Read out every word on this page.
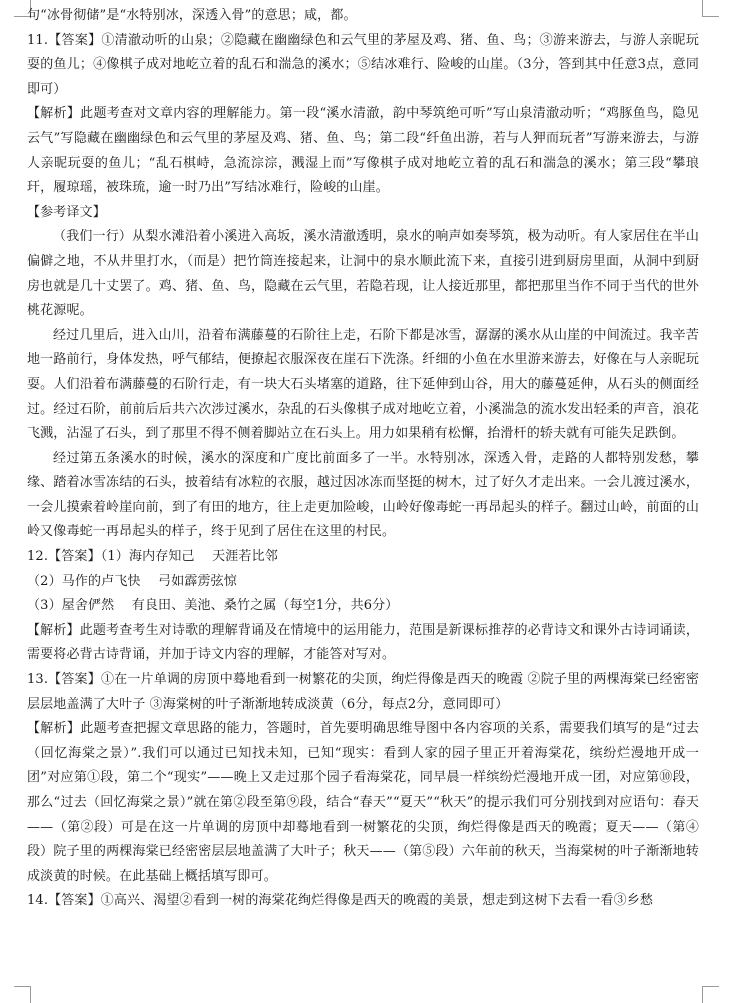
句“冰骨彻储”是“水特别冰，深透入骨”的意思；咸，都。

11.【答案】①清澈动听的山泉；②隐藏在幽幽绿色和云气里的茅屋及鸡、猪、鱼、鸟；③游来游去，与游人亲昵玩耍的鱼儿；④像棋子成对地屹立着的乱石和湍急的溪水；⑤结冰难行、险峻的山崖。（3分，答到其中任意3点，意同即可）

【解析】此题考查对文章内容的理解能力。第一段“溪水清澈，韵中琴筑绝可听”写山泉清澈动听；“鸡豚鱼鸟，隐见云气”写隐藏在幽幽绿色和云气里的茅屋及鸡、猪、鱼、鸟；第二段“纤鱼出游，若与人狎而玩者”写游来游去，与游人亲昵玩耍的鱼儿；“乱石棋峙，急流淙淙，溅湿上而”写像棋子成对地屹立着的乱石和湍急的溪水；第三段“攀琅玕，履琼瑶，被珠琉，逾一时乃出”写结冰难行，险峻的山崖。

【参考译文】

（我们一行）从梨水滩沿着小溪进入高坂，溪水清澈透明，泉水的响声如奏琴筑，极为动听。有人家居住在半山偏僻之地，不从井里打水，（而是）把竹筒连接起来，让洞中的泉水顺此流下来，直接引进到厨房里面，从洞中到厨房也就是几十丈罢了。鸡、猪、鱼、鸟，隐藏在云气里，若隐若现，让人接近那里，都把那里当作不同于当代的世外桃花源呢。

经过几里后，进入山川，沿着布满藤蔓的石阶往上走，石阶下都是冰雪，潺潺的溪水从山崖的中间流过。我辛苦地一路前行，身体发热，呼气郁结，便撩起衣服深夜在崖石下洗涤。纤细的小鱼在水里游来游去，好像在与人亲昵玩耍。人们沿着布满藤蔓的石阶行走，有一块大石头堵塞的道路，往下延伸到山谷，用大的藤蔓延伸，从石头的侧面经过。经过石阶，前前后后共六次涉过溪水，杂乱的石头像棋子成对地屹立着，小溪湍急的流水发出轻柔的声音，浪花飞溅，沾湿了石头，到了那里不得不侧着脚站立在石头上。用力如果稍有松懈，抬滑杆的轿夫就有可能失足跌倒。

经过第五条溪水的时候，溪水的深度和广度比前面多了一半。水特别冰，深透入骨，走路的人都特别发愁，攀缘、踏着冰雪冻结的石头，披着结有冰粒的衣服，越过因冰冻而坚挺的树木，过了好久才走出来。一会儿渡过溪水，一会儿摸索着岭崖向前，到了有田的地方，往上走更加险峻，山岭好像毒蛇一再昂起头的样子。翻过山岭，前面的山岭又像毒蛇一再昂起头的样子，终于见到了居住在这里的村民。

12.【答案】（1）海内存知己　 天涯若比邻

（2）马作的卢飞快　 弓如霹雳弦惊

（3）屋舍俨然　 有良田、美池、桑竹之属（每空1分，共6分）

【解析】此题考查考生对诗歌的理解背诵及在情境中的运用能力，范围是新课标推荐的必背诗文和课外古诗词诵读，需要将必背古诗背诵，并加于诗文内容的理解，才能答对写对。

13.【答案】①在一片单调的房顶中蓦地看到一树繁花的尖顶，绚烂得像是西天的晚霞 ②院子里的两棵海棠已经密密层层地盖满了大叶子 ③海棠树的叶子渐渐地转成淡黄（6分，每点2分，意同即可）

【解析】此题考查把握文章思路的能力，答题时，首先要明确思维导图中各内容项的关系，需要我们填写的是“过去（回忆海棠之景）”.我们可以通过已知找未知，已知“现实：看到人家的园子里正开着海棠花，缤纷烂漫地开成一团”对应第①段，第二个“现实”——晚上又走过那个园子看海棠花，同早晨一样缤纷烂漫地开成一团，对应第⑩段，那么“过去（回忆海棠之景）”就在第②段至第⑨段，结合“春天”“夏天”“秋天”的提示我们可分别找到对应语句：春天——（第②段）可是在这一片单调的房顶中却蓦地看到一树繁花的尖顶，绚烂得像是西天的晚霞；夏天——（第④段）院子里的两棵海棠已经密密层层地盖满了大叶子；秋天——（第⑤段）六年前的秋天，当海棠树的叶子渐渐地转成淡黄的时候。在此基础上概括填写即可。

14.【答案】①高兴、渴望②看到一树的海棠花绚烂得像是西天的晚霞的美景，想走到这树下去看一看③乡愁
